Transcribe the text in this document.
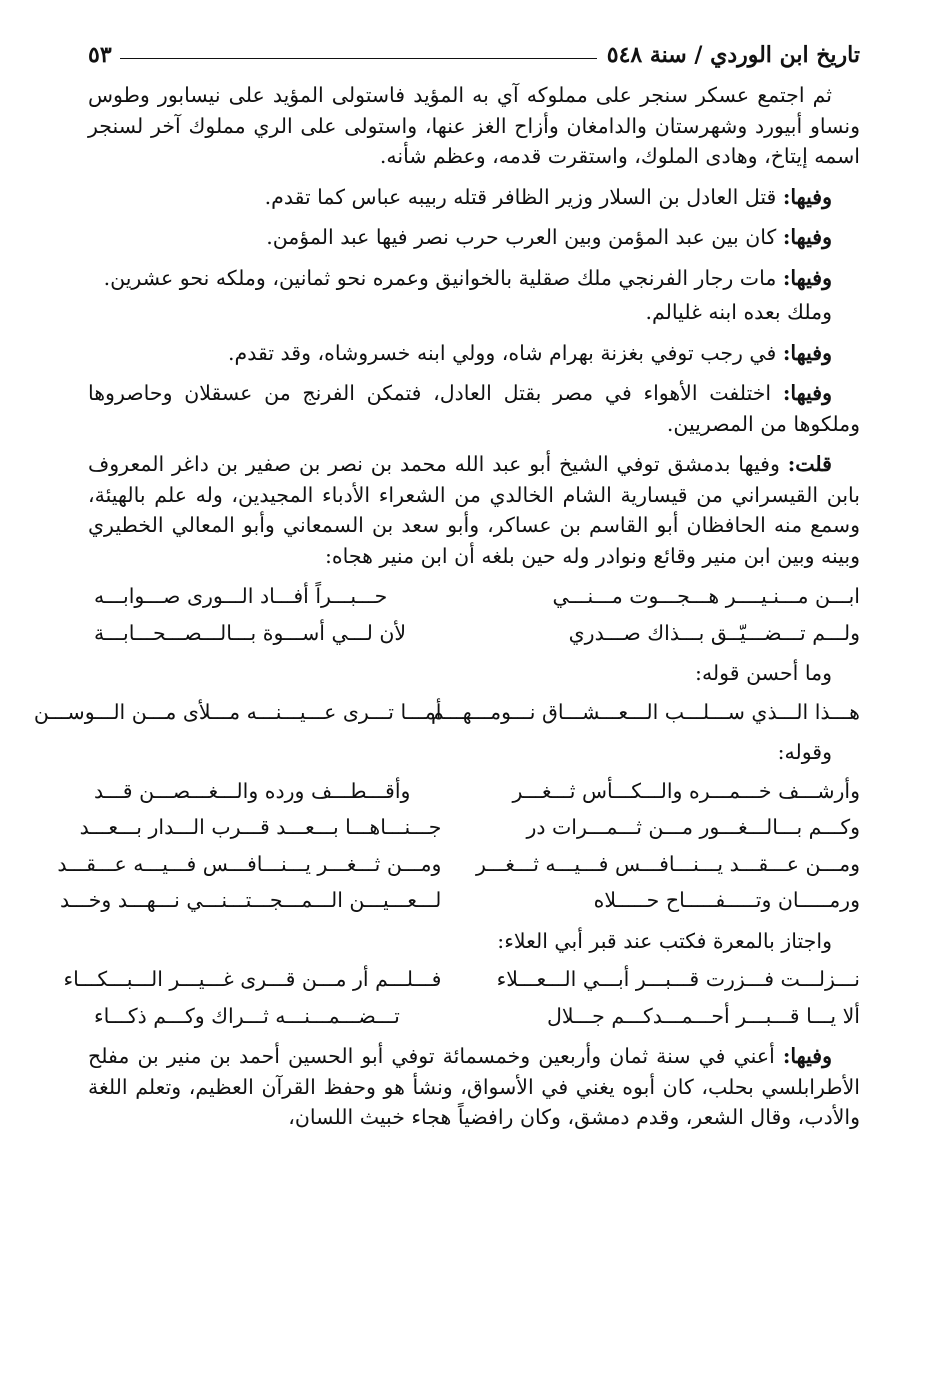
تاريخ ابن الوردي / سنة ٥٤٨
٥٣

ثم اجتمع عسكر سنجر على مملوكه آي به المؤيد فاستولى المؤيد على نيسابور وطوس ونساو أبيورد وشهرستان والدامغان وأزاح الغز عنها، واستولى على الري مملوك آخر لسنجر اسمه إيتاخ، وهادى الملوك، واستقرت قدمه، وعظم شأنه.

وفيها: قتل العادل بن السلار وزير الظافر قتله ربيبه عباس كما تقدم.

وفيها: كان بين عبد المؤمن وبين العرب حرب نصر فيها عبد المؤمن.

وفيها: مات رجار الفرنجي ملك صقلية بالخوانيق وعمره نحو ثمانين، وملكه نحو عشرين.

وملك بعده ابنه غليالم.

وفيها: في رجب توفي بغزنة بهرام شاه، وولي ابنه خسروشاه، وقد تقدم.

وفيها: اختلفت الأهواء في مصر بقتل العادل، فتمكن الفرنج من عسقلان وحاصروها وملكوها من المصريين.

قلت: وفيها بدمشق توفي الشيخ أبو عبد الله محمد بن نصر بن صفير بن داغر المعروف بابن القيسراني من قيسارية الشام الخالدي من الشعراء الأدباء المجيدين، وله علم بالهيئة، وسمع منه الحافظان أبو القاسم بن عساكر، وأبو سعد بن السمعاني وأبو المعالي الخطيري وبينه وبين ابن منير وقائع ونوادر وله حين بلغه أن ابن منير هجاه:

ابـــن مـــنـيــــر هـــجـــوت مـــنـــي
حـــبـــراً أفـــاد الـــورى صـــوابـــه
ولـــم تـــضـــيّــق بـــذاك صـــدري
لأن لـــي أســـوة بـــالـــصـــحـــابـــة
وما أحسن قوله:
هـــذا الـــذي ســـلـــب الـــعـــشـــاق نـــومـــهـــم
أمـــا تـــرى عـــيـــنـــه مـــلأى مـــن الـــوســـن
وقوله:
وأرشـــف خـــمـــره والـــكـــأس ثـــغـــر
وأقـــطـــف ورده والـــغـــصـــن قـــد
وكـــم بـــالـــغـــور مـــن ثـــمـــرات در
جـــنـــاهـــا بـــعـــد قـــرب الـــدار بـــعـــد
ومـــن عـــقـــد يـــنـــافـــس فـــيـــه ثـــغـــر
ومـــن ثـــغـــر يـــنـــافـــس فـــيـــه عـــقـــد
ورمـــــان وتـــــفـــــاح حـــــلاه
لـــعـــيـــن الـــمـــجـــتـــنـــي نـــهـــد وخـــد
واجتاز بالمعرة فكتب عند قبر أبي العلاء:
نـــزلـــت فـــزرت قـــبـــر أبـــي الـــعـــلاء
فـــلـــم أر مـــن قـــرى غـــيـــر الـــبـــكـــاء
ألا يـــا قـــبـــر أحـــمـــدكـــم جـــلال
تـــضـــمـــنـــه ثـــراك وكـــم ذكـــاء

وفيها: أعني في سنة ثمان وأربعين وخمسمائة توفي أبو الحسين أحمد بن منير بن مفلح الأطرابلسي بحلب، كان أبوه يغني في الأسواق، ونشأ هو وحفظ القرآن العظيم، وتعلم اللغة والأدب، وقال الشعر، وقدم دمشق، وكان رافضياً هجاء خبيث اللسان،
